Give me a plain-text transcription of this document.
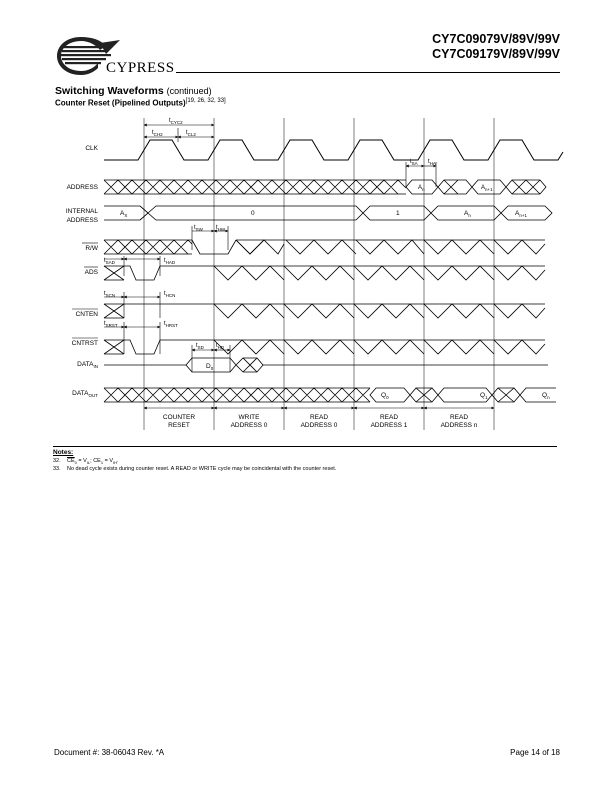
CYPRESS
CY7C09079V/89V/99V
CY7C09179V/89V/99V
Switching Waveforms (continued)
Counter Reset (Pipelined Outputs)[19, 26, 32, 33]
CLK
ADDRESS
INTERNAL
ADDRESS
R/W
ADS
CNTEN
CNTRST
$DATA_{IN}$
$DATA_{OUT}$
$t_{CYC2}$
$t_{CH2}$	$t_{CL2}$
$t_{SA}$ $t_{HA}$
$A_n$	$A_{n+1}$
$A_X$	0	1	$A_n$	$A_{n+1}$
$t_{SW}$ $t_{HW}$
$t_{SAD}$	$t_{HAD}$
$t_{SCN}$	$t_{HCN}$
$t_{SRST}$	$t_{HRST}$
$t_{SD}$ $t_{HD}$
$D_0$
$Q_0$	$Q_1$	$Q_n$
COUNTER
RESET
WRITE
ADDRESS 0
READ
ADDRESS 0
READ
ADDRESS 1
READ
ADDRESS n
Notes:
32. $\overline{CE}_0 = V_{IL}$; $CE_1 = V_{IH}$.
33. No dead cycle exists during counter reset. A READ or WRITE cycle may be coincidental with the counter reset.
Document #: 38-06043 Rev. *A	Page 14 of 18
